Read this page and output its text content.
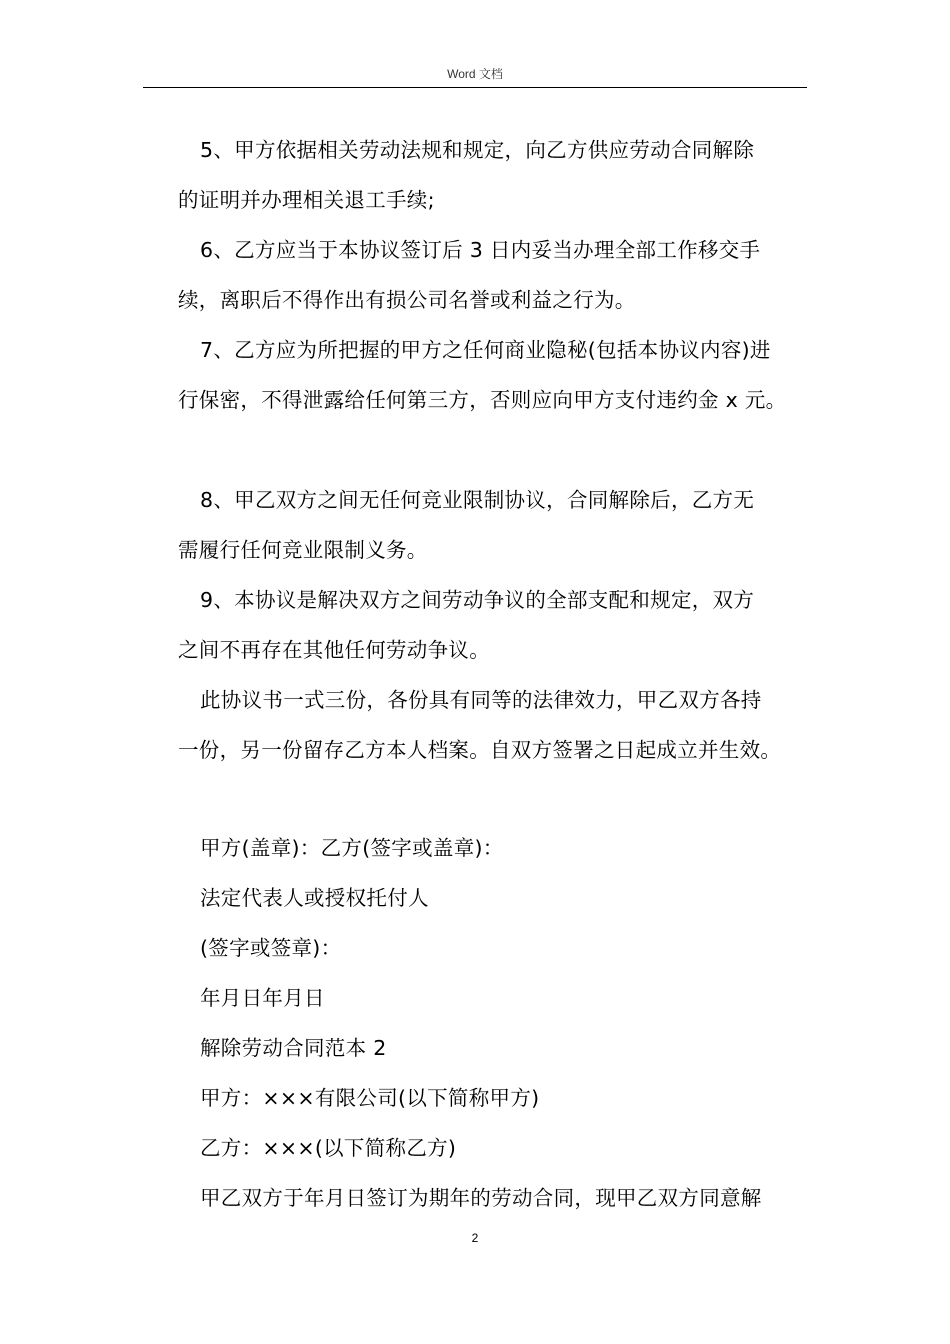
Word 文档
5、甲方依据相关劳动法规和规定，向乙方供应劳动合同解除
的证明并办理相关退工手续;
6、乙方应当于本协议签订后 3 日内妥当办理全部工作移交手
续，离职后不得作出有损公司名誉或利益之行为。
7、乙方应为所把握的甲方之任何商业隐秘(包括本协议内容)进
行保密，不得泄露给任何第三方，否则应向甲方支付违约金 x 元。
8、甲乙双方之间无任何竞业限制协议，合同解除后，乙方无
需履行任何竞业限制义务。
9、本协议是解决双方之间劳动争议的全部支配和规定，双方
之间不再存在其他任何劳动争议。
此协议书一式三份，各份具有同等的法律效力，甲乙双方各持
一份，另一份留存乙方本人档案。自双方签署之日起成立并生效。
甲方(盖章)：乙方(签字或盖章)：
法定代表人或授权托付人
(签字或签章)：
年月日年月日
解除劳动合同范本 2
甲方：×××有限公司(以下简称甲方)
乙方：×××(以下简称乙方)
甲乙双方于年月日签订为期年的劳动合同，现甲乙双方同意解
2
